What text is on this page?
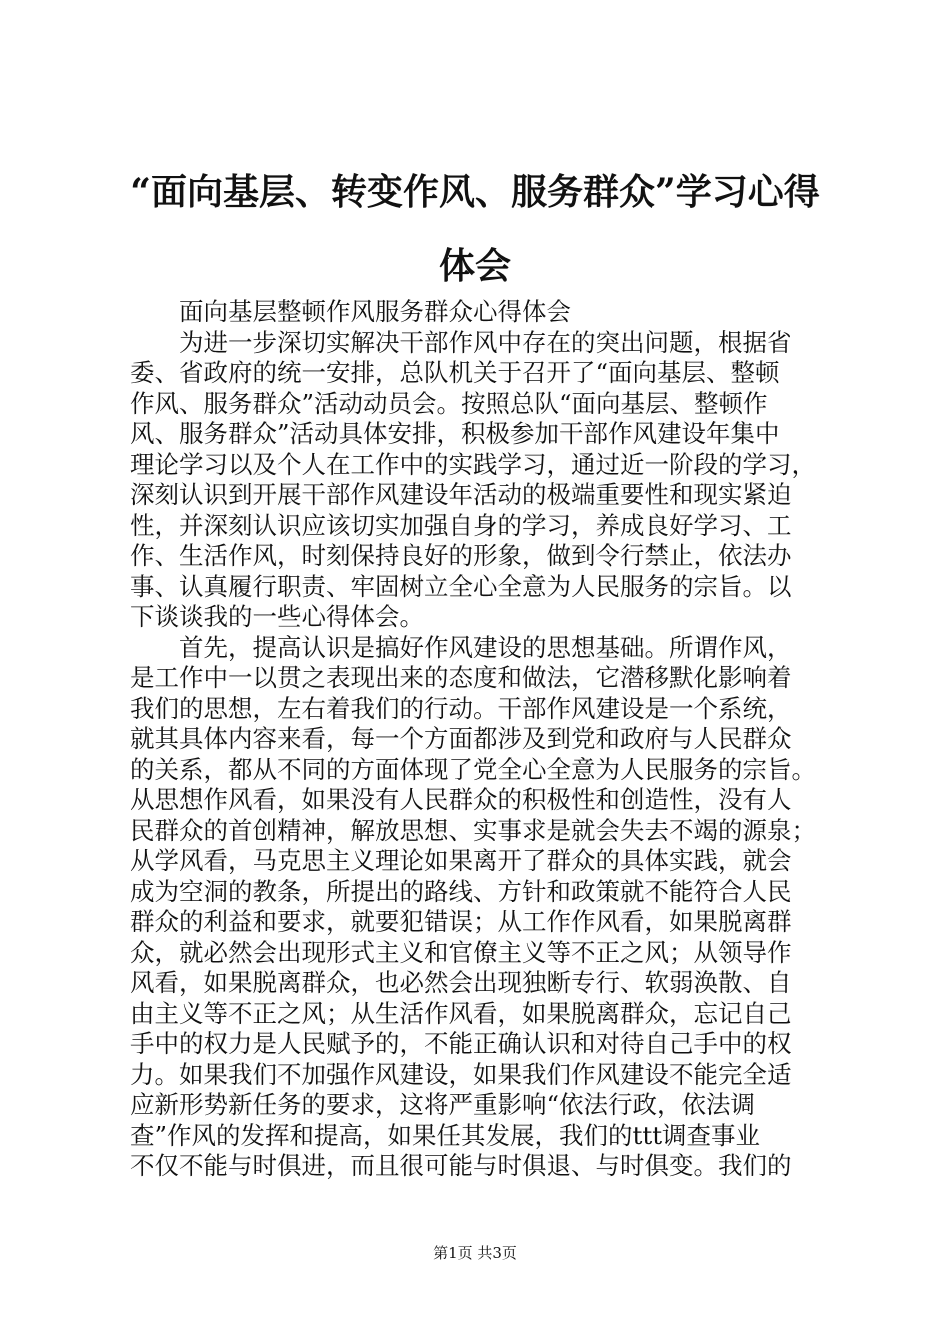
“面向基层、转变作风、服务群众”学习心得
体会
面向基层整顿作风服务群众心得体会
为进一步深切实解决干部作风中存在的突出问题，根据省
委、省政府的统一安排，总队机关于召开了“面向基层、整顿
作风、服务群众”活动动员会。按照总队“面向基层、整顿作
风、服务群众”活动具体安排，积极参加干部作风建设年集中
理论学习以及个人在工作中的实践学习，通过近一阶段的学习，
深刻认识到开展干部作风建设年活动的极端重要性和现实紧迫
性，并深刻认识应该切实加强自身的学习，养成良好学习、工
作、生活作风，时刻保持良好的形象，做到令行禁止，依法办
事、认真履行职责、牢固树立全心全意为人民服务的宗旨。以
下谈谈我的一些心得体会。
首先，提高认识是搞好作风建设的思想基础。所谓作风，
是工作中一以贯之表现出来的态度和做法，它潜移默化影响着
我们的思想，左右着我们的行动。干部作风建设是一个系统，
就其具体内容来看，每一个方面都涉及到党和政府与人民群众
的关系，都从不同的方面体现了党全心全意为人民服务的宗旨。
从思想作风看，如果没有人民群众的积极性和创造性，没有人
民群众的首创精神，解放思想、实事求是就会失去不竭的源泉；
从学风看，马克思主义理论如果离开了群众的具体实践，就会
成为空洞的教条，所提出的路线、方针和政策就不能符合人民
群众的利益和要求，就要犯错误；从工作作风看，如果脱离群
众，就必然会出现形式主义和官僚主义等不正之风；从领导作
风看，如果脱离群众，也必然会出现独断专行、软弱涣散、自
由主义等不正之风；从生活作风看，如果脱离群众，忘记自己
手中的权力是人民赋予的，不能正确认识和对待自己手中的权
力。如果我们不加强作风建设，如果我们作风建设不能完全适
应新形势新任务的要求，这将严重影响“依法行政，依法调
查”作风的发挥和提高，如果任其发展，我们的ttt调查事业
不仅不能与时俱进，而且很可能与时俱退、与时俱变。我们的
第1页 共3页
